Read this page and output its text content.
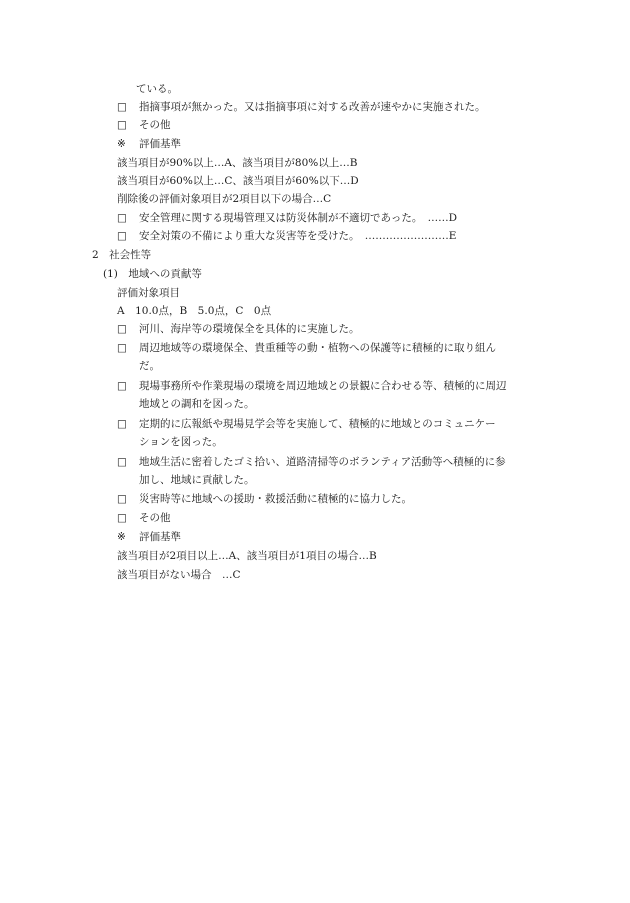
ている。
□ 指摘事項が無かった。又は指摘事項に対する改善が速やかに実施された。
□ その他
※ 評価基準
該当項目が90%以上…A、該当項目が80%以上…B
該当項目が60%以上…C、該当項目が60%以下…D
削除後の評価対象項目が2項目以下の場合…C
□ 安全管理に関する現場管理又は防災体制が不適切であった。　……D
□ 安全対策の不備により重大な災害等を受けた。　……………………E
2　社会性等
(1)　地域への貢献等
評価対象項目
A　10.0点，B　5.0点，C　0点
□ 河川、海岸等の環境保全を具体的に実施した。
□ 周辺地域等の環境保全、貴重種等の動・植物への保護等に積極的に取り組ん
だ。
□ 現場事務所や作業現場の環境を周辺地域との景観に合わせる等、積極的に周辺
地域との調和を図った。
□ 定期的に広報紙や現場見学会等を実施して、積極的に地域とのコミュニケー
ションを図った。
□ 地域生活に密着したゴミ拾い、道路清掃等のボランティア活動等へ積極的に参
加し、地域に貢献した。
□ 災害時等に地域への援助・救援活動に積極的に協力した。
□ その他
※ 評価基準
該当項目が2項目以上…A、該当項目が1項目の場合…B
該当項目がない場合　…C
